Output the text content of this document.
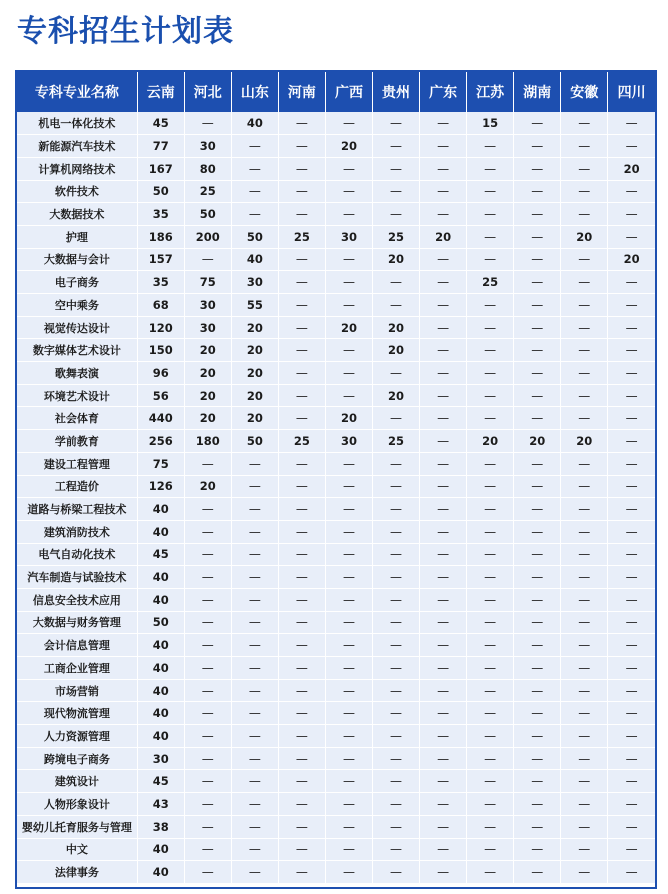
专科招生计划表
专科专业名称	云南	河北	山东	河南	广西	贵州	广东	江苏	湖南	安徽	四川
机电一体化技术	45	—	40	—	—	—	—	15	—	—	—
新能源汽车技术	77	30	—	—	20	—	—	—	—	—	—
计算机网络技术	167	80	—	—	—	—	—	—	—	—	20
软件技术	50	25	—	—	—	—	—	—	—	—	—
大数据技术	35	50	—	—	—	—	—	—	—	—	—
护理	186	200	50	25	30	25	20	—	—	20	—
大数据与会计	157	—	40	—	—	20	—	—	—	—	20
电子商务	35	75	30	—	—	—	—	25	—	—	—
空中乘务	68	30	55	—	—	—	—	—	—	—	—
视觉传达设计	120	30	20	—	20	20	—	—	—	—	—
数字媒体艺术设计	150	20	20	—	—	20	—	—	—	—	—
歌舞表演	96	20	20	—	—	—	—	—	—	—	—
环境艺术设计	56	20	20	—	—	20	—	—	—	—	—
社会体育	440	20	20	—	20	—	—	—	—	—	—
学前教育	256	180	50	25	30	25	—	20	20	20	—
建设工程管理	75	—	—	—	—	—	—	—	—	—	—
工程造价	126	20	—	—	—	—	—	—	—	—	—
道路与桥梁工程技术	40	—	—	—	—	—	—	—	—	—	—
建筑消防技术	40	—	—	—	—	—	—	—	—	—	—
电气自动化技术	45	—	—	—	—	—	—	—	—	—	—
汽车制造与试验技术	40	—	—	—	—	—	—	—	—	—	—
信息安全技术应用	40	—	—	—	—	—	—	—	—	—	—
大数据与财务管理	50	—	—	—	—	—	—	—	—	—	—
会计信息管理	40	—	—	—	—	—	—	—	—	—	—
工商企业管理	40	—	—	—	—	—	—	—	—	—	—
市场营销	40	—	—	—	—	—	—	—	—	—	—
现代物流管理	40	—	—	—	—	—	—	—	—	—	—
人力资源管理	40	—	—	—	—	—	—	—	—	—	—
跨境电子商务	30	—	—	—	—	—	—	—	—	—	—
建筑设计	45	—	—	—	—	—	—	—	—	—	—
人物形象设计	43	—	—	—	—	—	—	—	—	—	—
婴幼儿托育服务与管理	38	—	—	—	—	—	—	—	—	—	—
中文	40	—	—	—	—	—	—	—	—	—	—
法律事务	40	—	—	—	—	—	—	—	—	—	—
